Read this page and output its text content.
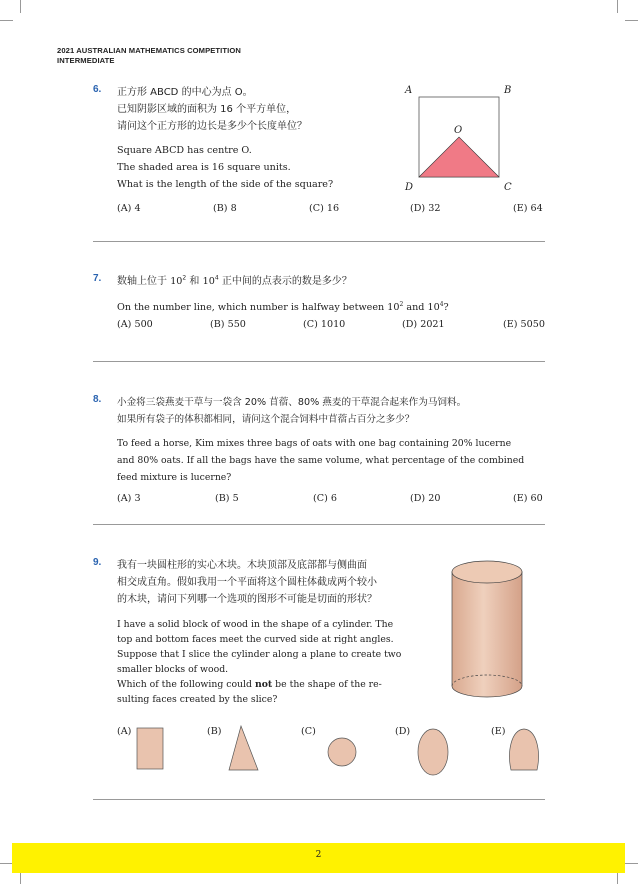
2021 AUSTRALIAN MATHEMATICS COMPETITION
INTERMEDIATE
6. 正方形 ABCD 的中心为点 O。
已知阴影区域的面积为 16 个平方单位，
请问这个正方形的边长是多少个长度单位？
Square ABCD has centre O.
The shaded area is 16 square units.
What is the length of the side of the square?
A	B
C
D
O
(A) 4	(B) 8	(C) 16	(D) 32	(E) 64
7. 数轴上位于 $10^2$ 和 $10^4$ 正中间的点表示的数是多少？
On the number line, which number is halfway between $10^2$ and $10^4$?
(A) 500	(B) 550	(C) 1010	(D) 2021	(E) 5050
8. 小金将三袋燕麦干草与一袋含 20% 苜蓿、80% 燕麦的干草混合起来作为马饲料。
如果所有袋子的体积都相同，请问这个混合饲料中苜蓿占百分之多少？
To feed a horse, Kim mixes three bags of oats with one bag containing 20% lucerne
and 80% oats. If all the bags have the same volume, what percentage of the combined
feed mixture is lucerne?
(A) 3	(B) 5	(C) 6	(D) 20	(E) 60
9. 我有一块圆柱形的实心木块。木块顶部及底部都与侧曲面
相交成直角。假如我用一个平面将这个圆柱体截成两个较小
的木块，请问下列哪一个选项的图形不可能是切面的形状？
I have a solid block of wood in the shape of a cylinder. The
top and bottom faces meet the curved side at right angles.
Suppose that I slice the cylinder along a plane to create two
smaller blocks of wood.
Which of the following could not be the shape of the re-
sulting faces created by the slice?
(A)	(B)	(C)	(D)	(E)
2
